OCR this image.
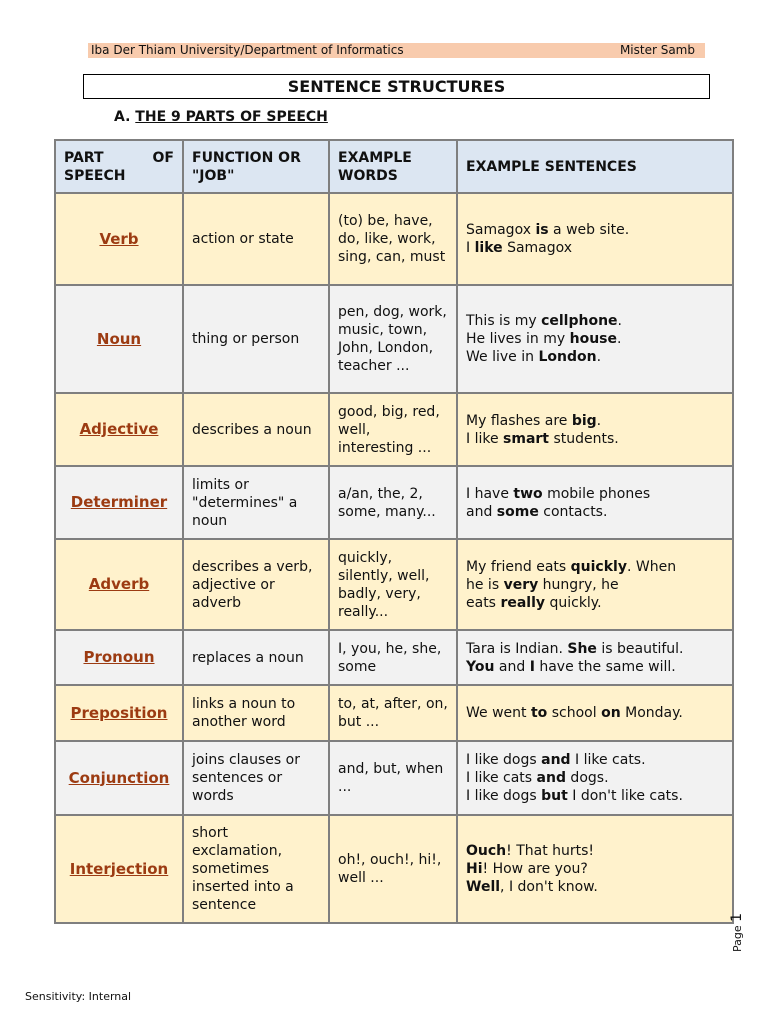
Iba Der Thiam University/Department of Informatics	Mister Samb
SENTENCE STRUCTURES
A. THE 9 PARTS OF SPEECH
PART OF SPEECH	FUNCTION OR "JOB"	EXAMPLE WORDS	EXAMPLE SENTENCES
Verb	action or state	(to) be, have, do, like, work, sing, can, must	Samagox is a web site.
I like Samagox

Noun	thing or person	pen, dog, work, music, town, John, London, teacher ...	This is my cellphone.
He lives in my house.
We live in London.

Adjective	describes a noun	good, big, red, well, interesting ...	My flashes are big.
I like smart students.

Determiner	limits or "determines" a noun	a/an, the, 2, some, many...	I have two mobile phones
and some contacts.

Adverb	describes a verb, adjective or adverb	quickly, silently, well, badly, very, really...	My friend eats quickly. When
he is very hungry, he
eats really quickly.

Pronoun	replaces a noun	I, you, he, she, some	Tara is Indian. She is beautiful.
You and I have the same will.

Preposition	links a noun to another word	to, at, after, on, but ...	We went to school on Monday.

Conjunction	joins clauses or sentences or words	and, but, when ...	I like dogs and I like cats.
I like cats and dogs.
I like dogs but I don't like cats.

Interjection	short exclamation, sometimes inserted into a sentence	oh!, ouch!, hi!, well ...	Ouch! That hurts!
Hi! How are you?
Well, I don't know.
Page 1
Sensitivity: Internal
